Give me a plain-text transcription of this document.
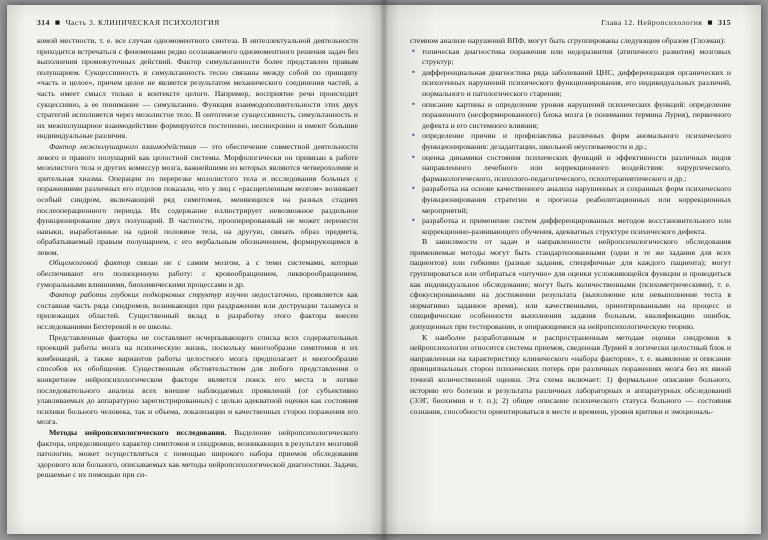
314 ■ Часть 3. КЛИНИЧЕСКАЯ ПСИХОЛОГИЯ

комой местности, т. е. все случаи одномоментного синтеза. В интеллектуальной деятельности приходится встречаться с феноменами редко осознаваемого одномоментного решения задач без выполнения промежуточных действий. Фактор симультанности более представлен правым полушарием. Сукцессивность и симультанность тесно связаны между собой по принципу «часть и целое», причем целое не является результатом механического соединения частей, а часть имеет смысл только в контексте целого. Например, восприятие речи происходит сукцессивно, а ее понимание — симультанно. Функция взаимодополнительности этих двух стратегий исполняется через мозолистое тело. В онтогенезе сукцессивность, симультанность и их межполушарное взаимодействие формируются постепенно, несинхронно и имеют большие индивидуальные различия.

Фактор межполушарного взаимодействия — это обеспечение совместной деятельности левого и правого полушарий как целостной системы. Морфологически он привязан к работе мозолистого тела и других комиссур мозга, важнейшими из которых являются четверохолмие и зрительная хиазма. Операции по перерезке мозолистого тела и исследования больных с поражениями различных его отделов показали, что у лиц с «расщепленным мозгом» возникает особый синдром, включающий ряд симптомов, меняющихся на разных стадиях послеоперационного периода. Их содержание иллюстрирует невозможное раздельное функционирование двух полушарий. В частности, прооперированный не может перенести навыки, выработанные на одной половине тела, на другую, связать образ предмета, обрабатываемый правым полушарием, с его вербальным обозначением, формирующимся в левом.

Общемозговой фактор связан не с самим мозгом, а с теми системами, которые обеспечивают его полноценную работу: с кровообращением, ликворообращением, гуморальными влияниями, биохимическими процессами и др.

Фактор работы глубоких подкорковых структур изучен недостаточно, проявляется как составная часть ряда синдромов, возникающих при раздражении или деструкции таламуса и прилежащих областей. Существенный вклад в разработку этого фактора внесен исследованиями Бехтеревой и ее школы.

Представленные факторы не составляют исчерпывающего списка всех содержательных проекций работы мозга на психическую жизнь, поскольку многообразие симптомов и их комбинаций, а также вариантов работы целостного мозга предполагает и многообразие способов их обобщения. Существенным обстоятельством для любого представления о конкретном нейропсихологическом факторе является поиск его места в логике последовательного анализа всех внешне наблюдаемых проявлений (от субъективно улавливаемых до аппаратурно зарегистрированных) с целью адекватной оценки как состояния психики больного человека, так и объема, локализации и качественных сторон поражения его мозга.

Методы нейропсихологического исследования. Выделение нейропсихологического фактора, определяющего характер симптомов и синдромов, возникающих в результате мозговой патологии, может осуществляться с помощью широкого набора приемов обследования здорового или больного, описываемых как методы нейропсихологической диагностики. Задачи, решаемые с их помощью при си-

Глава 12. Нейропсихология ■ 315

стемном анализе нарушений ВПФ, могут быть сгруппированы следующим образом (Глозман):

• топическая диагностика поражения или недоразвития (атипичного развития) мозговых структур;
• дифференциальная диагностика ряда заболеваний ЦНС, дифференциация органических и психогенных нарушений психического функционирования, его индивидуальных различий, нормального и патологического старения;
• описание картины и определение уровня нарушений психических функций: определение пораженного (несформированного) блока мозга (в понимании термина Лурия), первичного дефекта и его системного влияния;
• определение причин и профилактика различных форм аномального психического функционирования: дезадаптации, школьной неуспеваемости и др.;
• оценка динамики состояния психических функций и эффективности различных видов направленного лечебного или коррекционного воздействия: хирургического, фармакологического, психолого-педагогического, психотерапевтического и др.;
• разработка на основе качественного анализа нарушенных и сохранных форм психического функционирования стратегии и прогноза реабилитационных или коррекционных мероприятий;
• разработка и применение систем дифференцированных методов восстановительного или коррекционно-развивающего обучения, адекватных структуре психического дефекта.

В зависимости от задач и направленности нейропсихологического обследования применяемые методы могут быть стандартизованными (одни и те же задания для всех пациентов) или гибкими (разные задания, специфичные для каждого пациента); могут группироваться или отбираться «штучно» для оценки усложняющейся функции и проводиться как индивидуальное обследование; могут быть количественными (психометрическими), т. е. сфокусированными на достижении результата (выполнение или невыполнение теста в нормативно заданное время), или качественными, ориентированными на процесс и специфические особенности выполнения задания больным, квалификацию ошибок, допущенных при тестировании, и опирающимися на нейропсихологическую теорию.

К наиболее разработанным и распространенным методам оценки синдромов в нейропсихологии относится система приемов, сведенная Лурией в логически целостный блок и направленная на характеристику клинического «набора факторов», т. е. выявление и описание принципиальных сторон психических потерь при различных поражениях мозга без их явной точной количественной оценки. Эта схема включает: 1) формальное описание больного, историю его болезни и результаты различных лабораторных и аппаратурных обследований (ЭЭГ, биохимия и т. п.); 2) общее описание психического статуса больного — состояния сознания, способности ориентироваться в месте и времени, уровня критики и эмоциональ-
